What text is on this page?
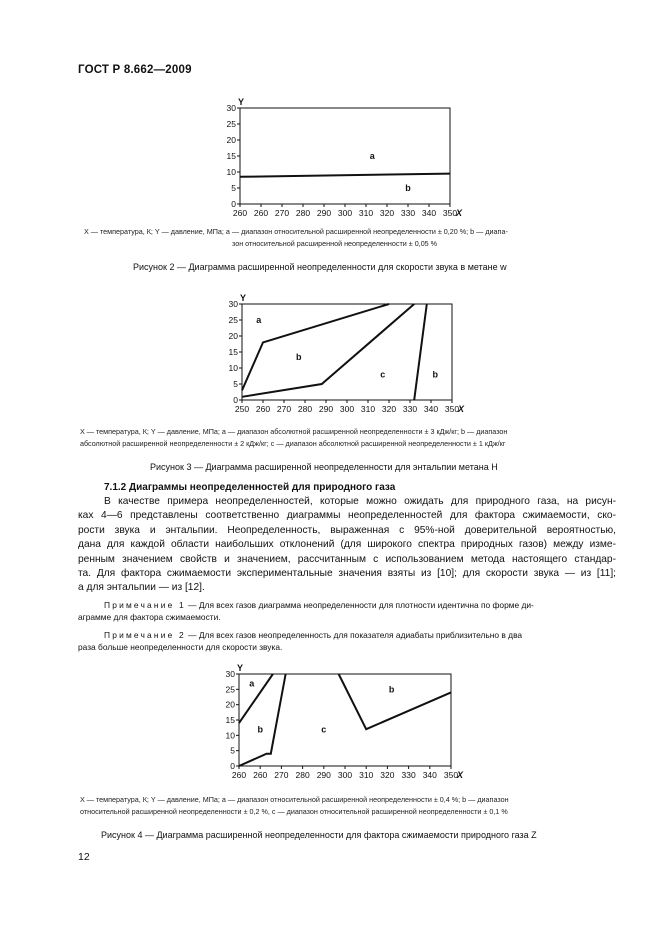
ГОСТ Р 8.662—2009
0
5
10
15
20
25
30
260 260 270 280 290 300 310 320 330 340 350
Y
X
a
b
X — температура, К; Y — давление, МПа; a — диапазон относительной расширенной неопределенности ± 0,20 %; b — диапа-
зон относительной расширенной неопределенности ± 0,05 %
Рисунок 2 — Диаграмма расширенной неопределенности для скорости звука в метане w
0
5
10
15
20
25
30
250 260 270 280 290 300 310 320 330 340 350
Y
X
a
b
c	b
X — температура, К; Y — давление, МПа; a — диапазон абсолютной расширенной неопределенности ± 3 кДж/кг; b — диапазон
абсолютной расширенной неопределенности ± 2 кДж/кг; c — диапазон абсолютной расширенной неопределенности ± 1 кДж/кг
Рисунок 3 — Диаграмма расширенной неопределенности для энтальпии метана H
7.1.2 Диаграммы неопределенностей для природного газа
В качестве примера неопределенностей, которые можно ожидать для природного газа, на рисун-
ках 4—6 представлены соответственно диаграммы неопределенностей для фактора сжимаемости, ско-
рости звука и энтальпии. Неопределенность, выраженная с 95%-ной доверительной вероятностью,
дана для каждой области наибольших отклонений (для широкого спектра природных газов) между изме-
ренным значением свойств и значением, рассчитанным с использованием метода настоящего стандар-
та. Для фактора сжимаемости экспериментальные значения взяты из [10]; для скорости звука — из [11];
а для энтальпии — из [12].

Примечание 1 — Для всех газов диаграмма неопределенности для плотности идентична по форме ди-

аграмме для фактора сжимаемости.

Примечание 2 — Для всех газов неопределенность для показателя адиабаты приблизительно в два

раза больше неопределенности для скорости звука.

0
5
10
15
20
25
30
260 260 270 280 290 300 310 320 330 340 350
Y
X
a
b	c
b
X — температура, К; Y — давление, МПа; a — диапазон относительной расширенной неопределенности ± 0,4 %; b — диапазон
относительной расширенной неопределенности ± 0,2 %, c — диапазон относительной расширенной неопределенности ± 0,1 %
Рисунок 4 — Диаграмма расширенной неопределенности для фактора сжимаемости природного газа Z
12
